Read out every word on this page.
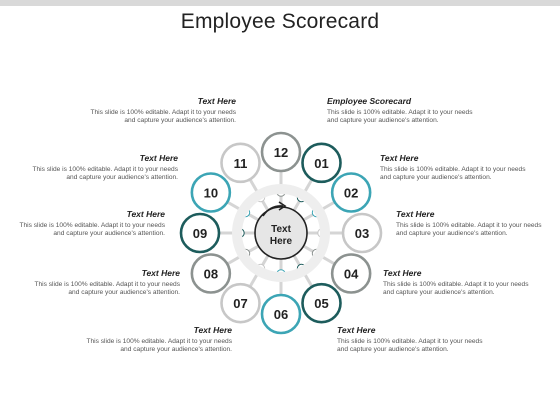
Employee Scorecard
Text
Here
01
02
03
04
05
06
07
08
09
10
11
12
Text Here
This slide is 100% editable. Adapt it to your needs and capture your audience's attention.
Text Here
This slide is 100% editable. Adapt it to your needs and capture your audience's attention.
Text Here
This slide is 100% editable. Adapt it to your needs and capture your audience's attention.
Text Here
This slide is 100% editable. Adapt it to your needs and capture your audience's attention.
Text Here
This slide is 100% editable. Adapt it to your needs and capture your audience's attention.
Employee Scorecard
This slide is 100% editable. Adapt it to your needs and capture your audience's attention.
Text Here
This slide is 100% editable. Adapt it to your needs and capture your audience's attention.
Text Here
This slide is 100% editable. Adapt it to your needs and capture your audience's attention.
Text Here
This slide is 100% editable. Adapt it to your needs and capture your audience's attention.
Text Here
This slide is 100% editable. Adapt it to your needs and capture your audience's attention.
